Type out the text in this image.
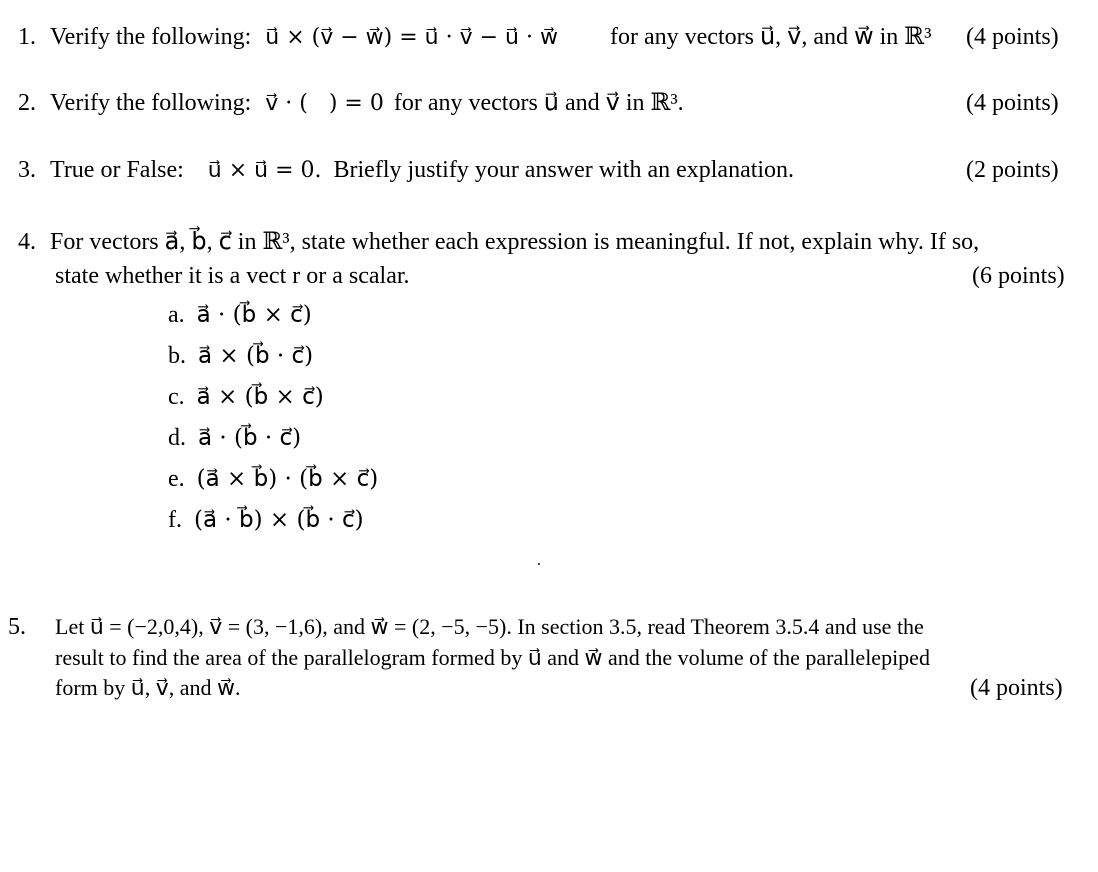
1. Verify the following: u⃗ × (v⃗ − w⃗) = u⃗ · v⃗ − u⃗ · w⃗ for any vectors u⃗, v⃗, and w⃗ in ℝ³ (4 points)
2. Verify the following: v⃗ · (   ) = 0 for any vectors u⃗ and v⃗ in ℝ³.	(4 points)
3. True or False: u⃗ × u⃗ = 0. Briefly justify your answer with an explanation.	(2 points)
4. For vectors a⃗, b⃗, c⃗ in ℝ³, state whether each expression is meaningful. If not, explain why. If so,
state whether it is a vect r or a scalar.	(6 points)
a. a⃗ · (b⃗ × c⃗)
b. a⃗ × (b⃗ · c⃗)
c. a⃗ × (b⃗ × c⃗)
d. a⃗ · (b⃗ · c⃗)
e. (a⃗ × b⃗) · (b⃗ × c⃗)
f. (a⃗ · b⃗) × (b⃗ · c⃗)
5. Let u⃗ = (−2,0,4), v⃗ = (3, −1,6), and w⃗ = (2, −5, −5). In section 3.5, read Theorem 3.5.4 and use the
result to find the area of the parallelogram formed by u⃗ and w⃗ and the volume of the parallelepiped
form by u⃗, v⃗, and w⃗.	(4 points)
